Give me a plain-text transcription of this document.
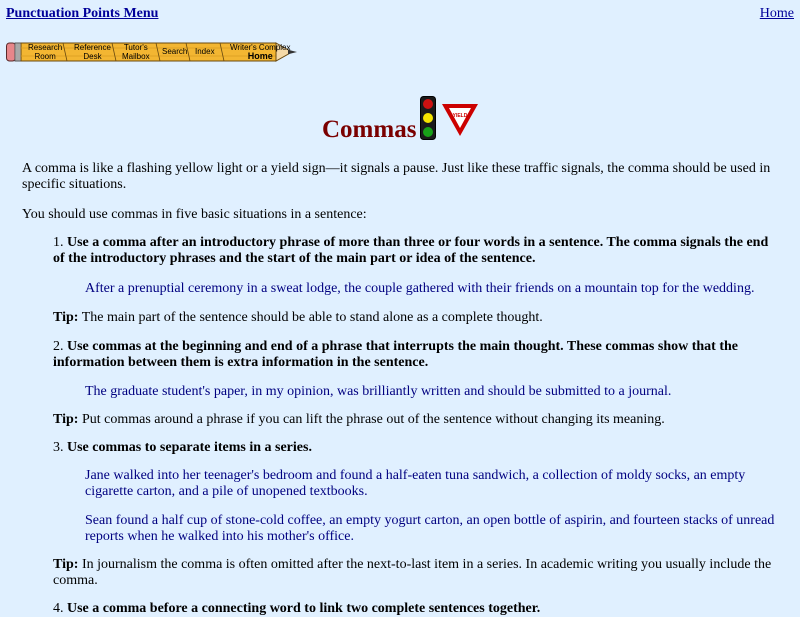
Punctuation Points Menu	Home
Research
Room
Reference
Desk
Tutor's
Mailbox
Search Index Writer's Complex
Home
Commas	YIELD

A comma is like a flashing yellow light or a yield sign—it signals a pause. Just like these traffic signals, the comma should be used in specific situations.

You should use commas in five basic situations in a sentence:

1. Use a comma after an introductory phrase of more than three or four words in a sentence. The comma signals the end of the introductory phrases and the start of the main part or idea of the sentence.

After a prenuptial ceremony in a sweat lodge, the couple gathered with their friends on a mountain top for the wedding.

Tip: The main part of the sentence should be able to stand alone as a complete thought.

2. Use commas at the beginning and end of a phrase that interrupts the main thought. These commas show that the information between them is extra information in the sentence.

The graduate student's paper, in my opinion, was brilliantly written and should be submitted to a journal.

Tip: Put commas around a phrase if you can lift the phrase out of the sentence without changing its meaning.

3. Use commas to separate items in a series.

Jane walked into her teenager's bedroom and found a half-eaten tuna sandwich, a collection of moldy socks, an empty cigarette carton, and a pile of unopened textbooks.

Sean found a half cup of stone-cold coffee, an empty yogurt carton, an open bottle of aspirin, and fourteen stacks of unread reports when he walked into his mother's office.

Tip: In journalism the comma is often omitted after the next-to-last item in a series. In academic writing you usually include the comma.

4. Use a comma before a connecting word to link two complete sentences together.
